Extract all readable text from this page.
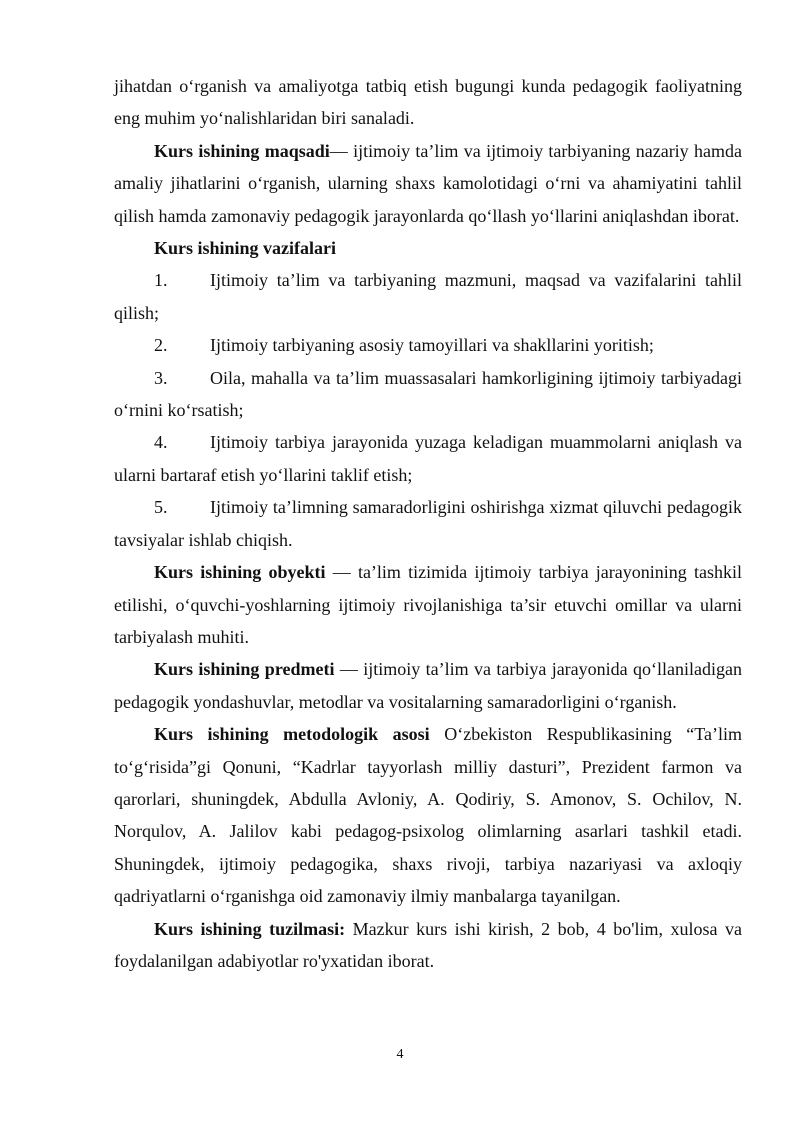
jihatdan o‘rganish va amaliyotga tatbiq etish bugungi kunda pedagogik faoliyatning eng muhim yo‘nalishlaridan biri sanaladi.

Kurs ishining maqsadi— ijtimoiy ta’lim va ijtimoiy tarbiyaning nazariy hamda amaliy jihatlarini o‘rganish, ularning shaxs kamolotidagi o‘rni va ahamiyatini tahlil qilish hamda zamonaviy pedagogik jarayonlarda qo‘llash yo‘llarini aniqlashdan iborat.

Kurs ishining vazifalari

1. Ijtimoiy ta’lim va tarbiyaning mazmuni, maqsad va vazifalarini tahlil qilish;

2. Ijtimoiy tarbiyaning asosiy tamoyillari va shakllarini yoritish;

3. Oila, mahalla va ta’lim muassasalari hamkorligining ijtimoiy tarbiyadagi o‘rnini ko‘rsatish;

4. Ijtimoiy tarbiya jarayonida yuzaga keladigan muammolarni aniqlash va ularni bartaraf etish yo‘llarini taklif etish;

5. Ijtimoiy ta’limning samaradorligini oshirishga xizmat qiluvchi pedagogik tavsiyalar ishlab chiqish.

Kurs ishining obyekti — ta’lim tizimida ijtimoiy tarbiya jarayonining tashkil etilishi, o‘quvchi-yoshlarning ijtimoiy rivojlanishiga ta’sir etuvchi omillar va ularni tarbiyalash muhiti.

Kurs ishining predmeti — ijtimoiy ta’lim va tarbiya jarayonida qo‘llaniladigan pedagogik yondashuvlar, metodlar va vositalarning samaradorligini o‘rganish.

Kurs ishining metodologik asosi O‘zbekiston Respublikasining “Ta’lim to‘g‘risida”gi Qonuni, “Kadrlar tayyorlash milliy dasturi”, Prezident farmon va qarorlari, shuningdek, Abdulla Avloniy, A. Qodiriy, S. Amonov, S. Ochilov, N. Norqulov, A. Jalilov kabi pedagog-psixolog olimlarning asarlari tashkil etadi. Shuningdek, ijtimoiy pedagogika, shaxs rivoji, tarbiya nazariyasi va axloqiy qadriyatlarni o‘rganishga oid zamonaviy ilmiy manbalarga tayanilgan.

Kurs ishining tuzilmasi: Mazkur kurs ishi kirish, 2 bob, 4 bo'lim, xulosa va foydalanilgan adabiyotlar ro'yxatidan iborat.

4
